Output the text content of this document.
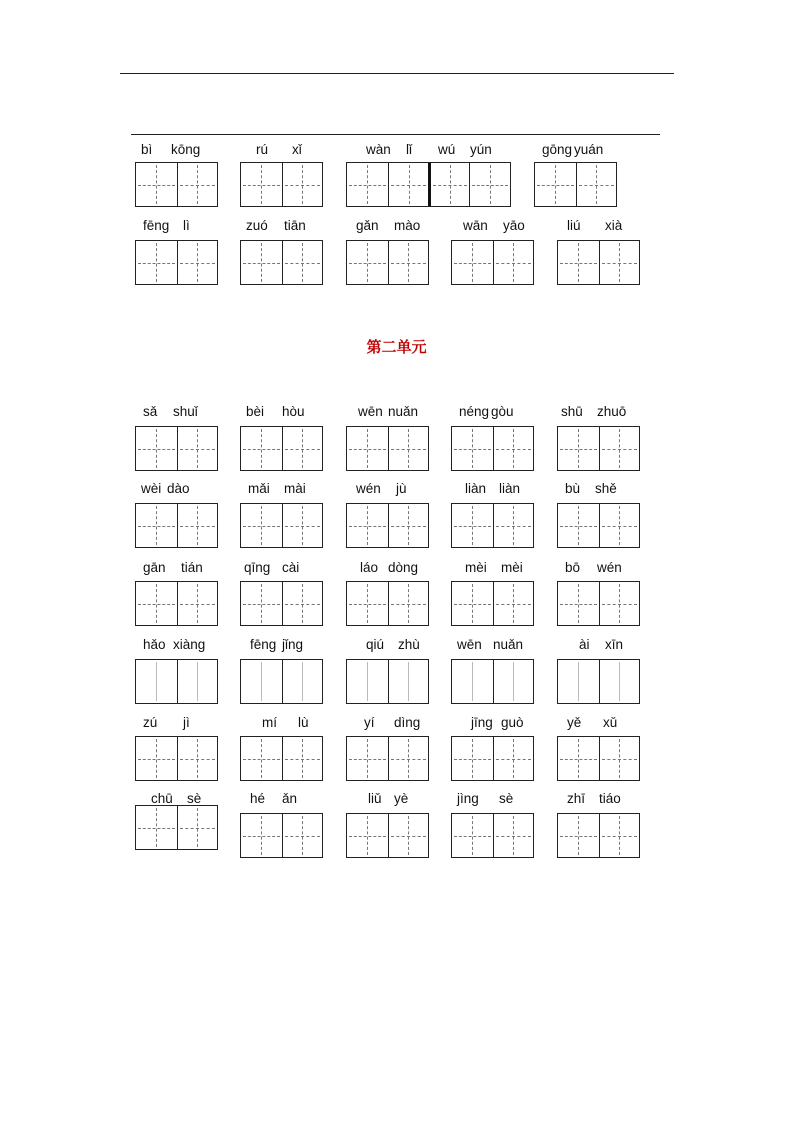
第二单元
bì kōng	rú xǐ	wàn lǐ wú yún	gōng yuán
fēng lì	zuó tiān	gǎn mào	wān yāo	liú xià
sǎ shuǐ	bèi hòu	wēn nuǎn	néng gòu	shū zhuō
wèi dào	mǎi mài	wén jù	liàn liàn	bù shě
gān tián	qīng cài	láo dòng	mèi mèi	bō wén
hǎo xiàng	fēng jǐng	qiú zhù	wēn nuǎn	ài xīn
zú jì	mí lù	yí dìng	jīng guò	yě xǔ
chū sè	hé ǎn	liǔ yè	jìng sè	zhī tiáo
